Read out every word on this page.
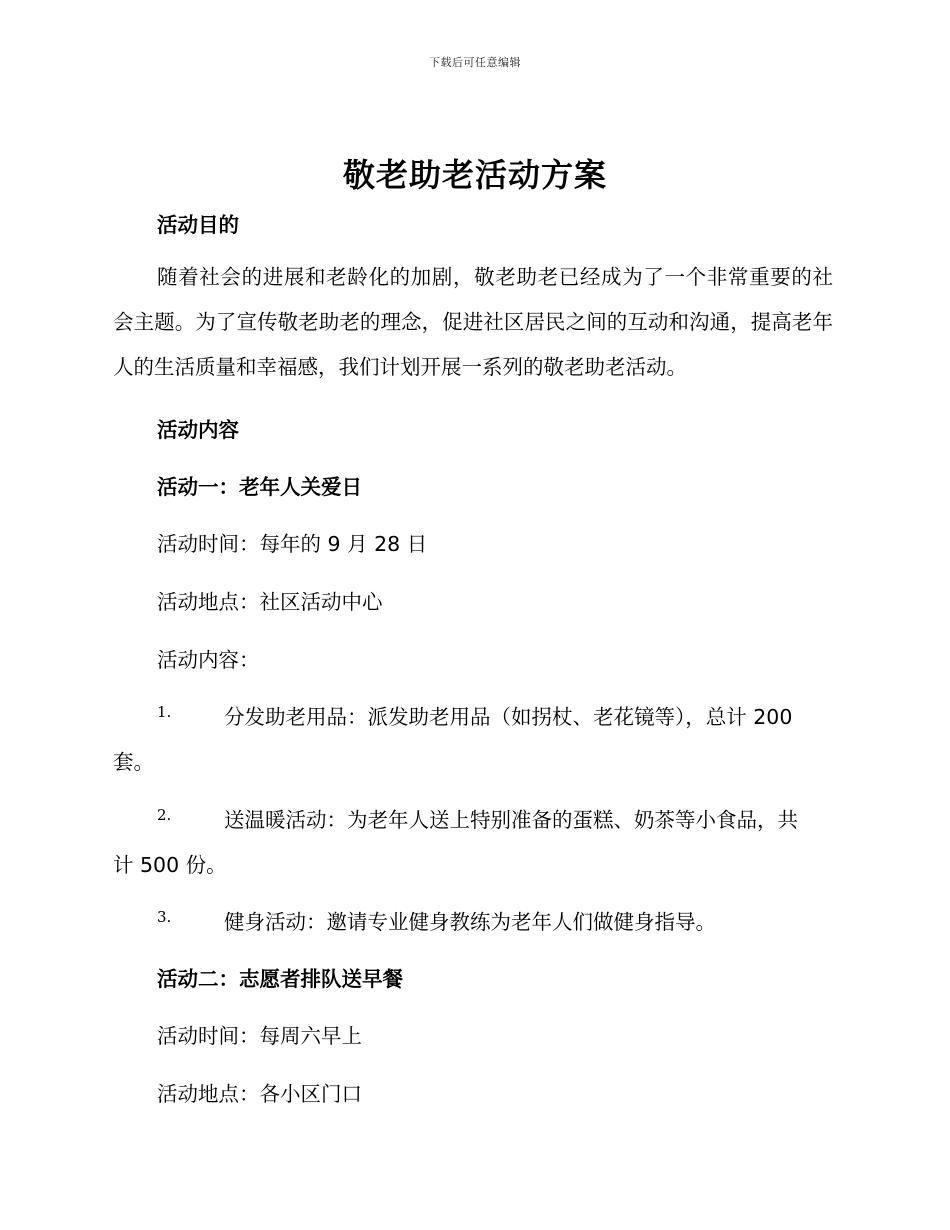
下载后可任意编辑
敬老助老活动方案
活动目的

随着社会的进展和老龄化的加剧，敬老助老已经成为了一个非常重要的社会主题。为了宣传敬老助老的理念，促进社区居民之间的互动和沟通，提高老年人的生活质量和幸福感，我们计划开展一系列的敬老助老活动。

活动内容
活动一：老年人关爱日
活动时间：每年的 9 月 28 日
活动地点：社区活动中心
活动内容：
1.	分发助老用品：派发助老用品（如拐杖、老花镜等），总计 200
套。
2.	送温暖活动：为老年人送上特别准备的蛋糕、奶茶等小食品，共
计 500 份。
3.	健身活动：邀请专业健身教练为老年人们做健身指导。
活动二：志愿者排队送早餐
活动时间：每周六早上
活动地点：各小区门口
